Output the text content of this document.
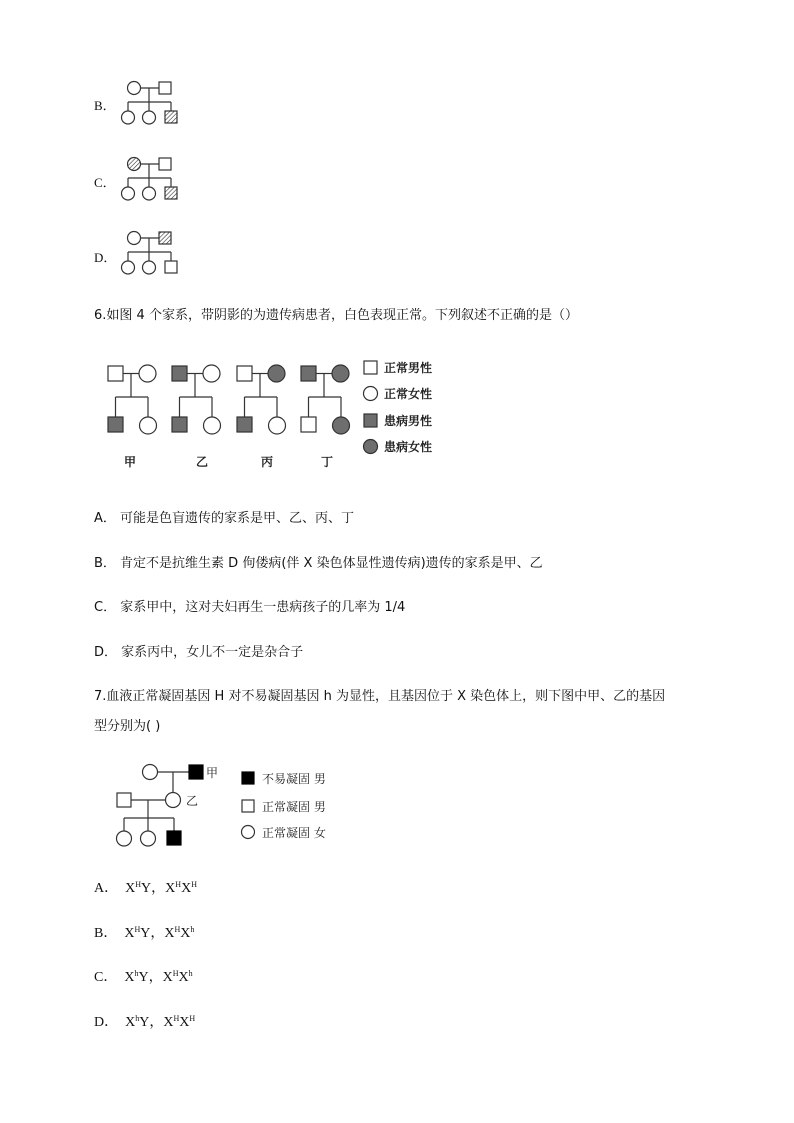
B．
C．
D．
6.如图 4 个家系，带阴影的为遗传病患者，白色表现正常。下列叙述不正确的是（）
甲	乙	丙	丁
正常男性
正常女性
患病男性
患病女性
A． 可能是色盲遗传的家系是甲、乙、丙、丁
B． 肯定不是抗维生素 D 佝偻病(伴 X 染色体显性遗传病)遗传的家系是甲、乙
C． 家系甲中，这对夫妇再生一患病孩子的几率为 1/4
D． 家系丙中，女儿不一定是杂合子
7.血液正常凝固基因 H 对不易凝固基因 h 为显性，且基因位于 X 染色体上，则下图中甲、乙的基因
型分别为( )
甲
乙
不易凝固 男
正常凝固 男
正常凝固 女
A． $X^HY$，$X^HX^H$
B． $X^HY$，$X^HX^h$
C． $X^hY$，$X^HX^h$
D． $X^hY$，$X^HX^H$
